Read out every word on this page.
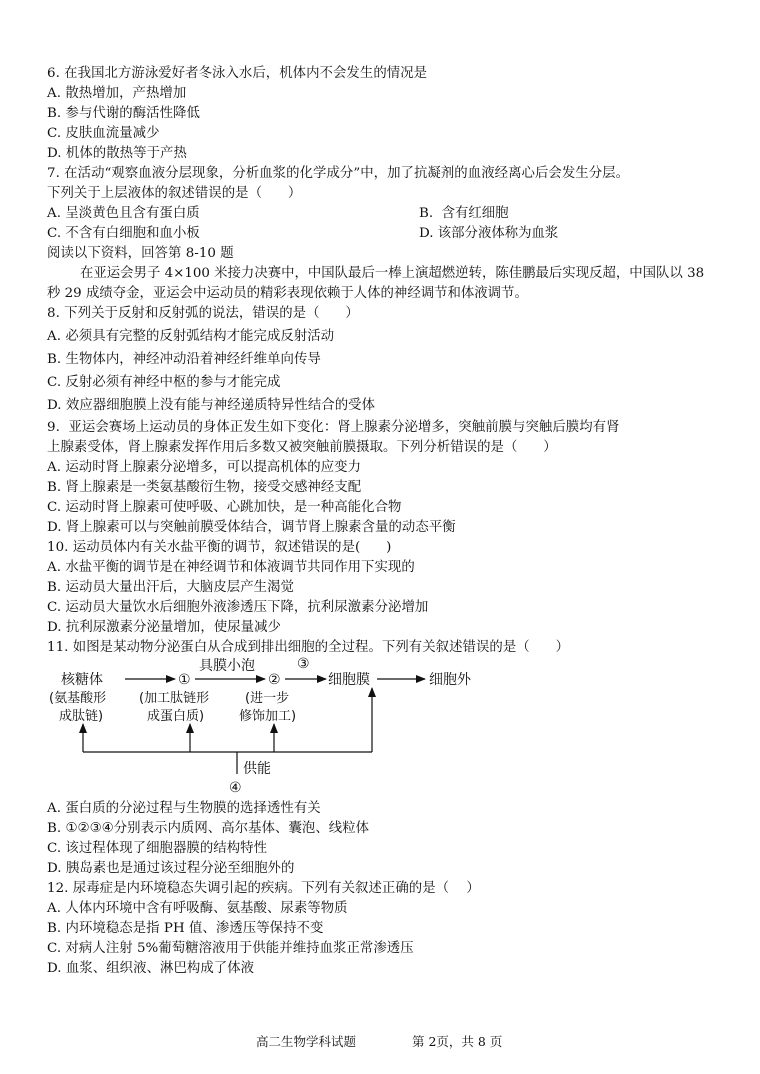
6. 在我国北方游泳爱好者冬泳入水后，机体内不会发生的情况是
A. 散热增加，产热增加
B. 参与代谢的酶活性降低
C. 皮肤血流量减少
D. 机体的散热等于产热
7. 在活动“观察血液分层现象，分析血浆的化学成分”中，加了抗凝剂的血液经离心后会发生分层。
下列关于上层液体的叙述错误的是（      ）
A. 呈淡黄色且含有蛋白质	B.  含有红细胞
C. 不含有白细胞和血小板	D. 该部分液体称为血浆
阅读以下资料，回答第 8-10 题
在亚运会男子 4×100 米接力决赛中，中国队最后一棒上演超燃逆转，陈佳鹏最后实现反超，中国队以 38 秒 29 成绩夺金，亚运会中运动员的精彩表现依赖于人体的神经调节和体液调节。
8. 下列关于反射和反射弧的说法，错误的是（      ）
A. 必须具有完整的反射弧结构才能完成反射活动
B. 生物体内，神经冲动沿着神经纤维单向传导
C. 反射必须有神经中枢的参与才能完成
D. 效应器细胞膜上没有能与神经递质特异性结合的受体
9.  亚运会赛场上运动员的身体正发生如下变化：肾上腺素分泌增多，突触前膜与突触后膜均有肾
上腺素受体，肾上腺素发挥作用后多数又被突触前膜摄取。下列分析错误的是（      ）
A. 运动时肾上腺素分泌增多，可以提高机体的应变力
B. 肾上腺素是一类氨基酸衍生物，接受交感神经支配
C. 运动时肾上腺素可使呼吸、心跳加快，是一种高能化合物
D. 肾上腺素可以与突触前膜受体结合，调节肾上腺素含量的动态平衡
10. 运动员体内有关水盐平衡的调节，叙述错误的是(      )
A. 水盐平衡的调节是在神经调节和体液调节共同作用下实现的
B. 运动员大量出汗后，大脑皮层产生渴觉
C. 运动员大量饮水后细胞外液渗透压下降，抗利尿激素分泌增加
D. 抗利尿激素分泌量增加，使尿量减少
11. 如图是某动物分泌蛋白从合成到排出细胞的全过程。下列有关叙述错误的是（      ）
核糖体
(氨基酸形
成肽链)
①
(加工肽链形
成蛋白质)
具膜小泡
②
(进一步
修饰加工)
③
细胞膜	细胞外
供能
④
A. 蛋白质的分泌过程与生物膜的选择透性有关
B. ①②③④分别表示内质网、高尔基体、囊泡、线粒体
C. 该过程体现了细胞器膜的结构特性
D. 胰岛素也是通过该过程分泌至细胞外的
12. 尿毒症是内环境稳态失调引起的疾病。下列有关叙述正确的是（    ）
A. 人体内环境中含有呼吸酶、氨基酸、尿素等物质
B. 内环境稳态是指 PH 值、渗透压等保持不变
C. 对病人注射 5%葡萄糖溶液用于供能并维持血浆正常渗透压
D. 血浆、组织液、淋巴构成了体液
高二生物学科试题	第 2页，共 8 页
